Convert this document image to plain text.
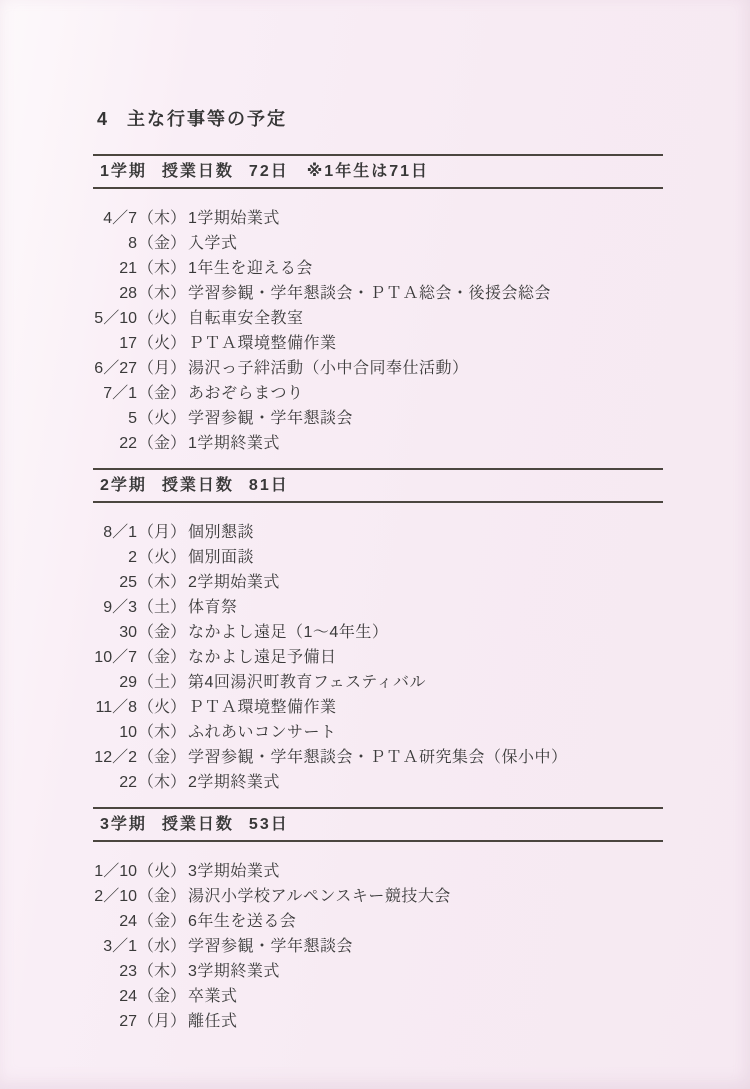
4 主な行事等の予定
1学期 授業日数 72日 ※1年生は71日
4／7 （木） 1学期始業式
8 （金） 入学式
21 （木） 1年生を迎える会
28 （木） 学習参観・学年懇談会・ＰＴＡ総会・後援会総会
5／10 （火） 自転車安全教室
17 （火） ＰＴＡ環境整備作業
6／27 （月） 湯沢っ子絆活動（小中合同奉仕活動）
7／1 （金） あおぞらまつり
5 （火） 学習参観・学年懇談会
22 （金） 1学期終業式
2学期 授業日数 81日
8／1 （月） 個別懇談
2 （火） 個別面談
25 （木） 2学期始業式
9／3 （土） 体育祭
30 （金） なかよし遠足（1～4年生）
10／7 （金） なかよし遠足予備日
29 （土） 第4回湯沢町教育フェスティバル
11／8 （火） ＰＴＡ環境整備作業
10 （木） ふれあいコンサート
12／2 （金） 学習参観・学年懇談会・ＰＴＡ研究集会（保小中）
22 （木） 2学期終業式
3学期 授業日数 53日
1／10 （火） 3学期始業式
2／10 （金） 湯沢小学校アルペンスキー競技大会
24 （金） 6年生を送る会
3／1 （水） 学習参観・学年懇談会
23 （木） 3学期終業式
24 （金） 卒業式
27 （月） 離任式
